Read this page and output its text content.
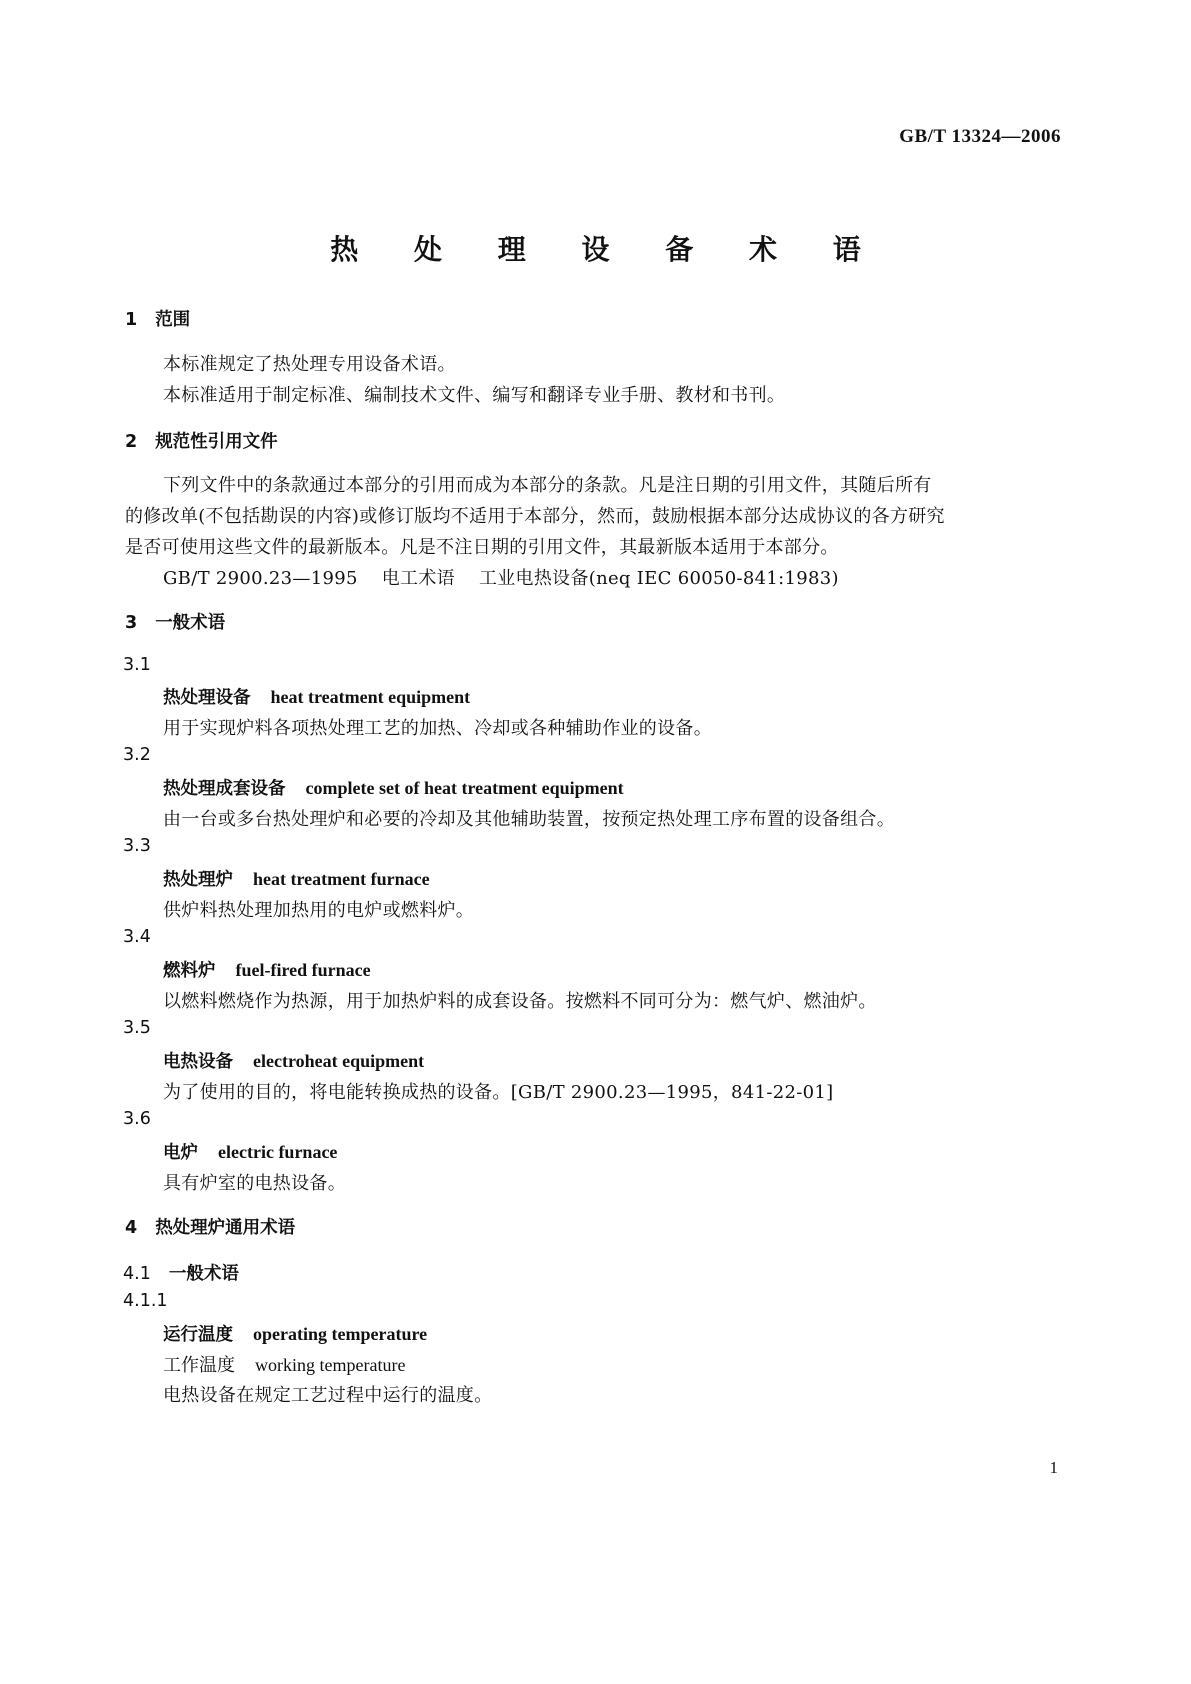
GB/T 13324—2006
热 处 理 设 备 术 语
1 范围
本标准规定了热处理专用设备术语。
本标准适用于制定标准、编制技术文件、编写和翻译专业手册、教材和书刊。
2 规范性引用文件
下列文件中的条款通过本部分的引用而成为本部分的条款。凡是注日期的引用文件，其随后所有
的修改单(不包括勘误的内容)或修订版均不适用于本部分，然而，鼓励根据本部分达成协议的各方研究
是否可使用这些文件的最新版本。凡是不注日期的引用文件，其最新版本适用于本部分。
GB/T 2900.23—1995 电工术语 工业电热设备(neq IEC 60050-841:1983)
3 一般术语
3.1
热处理设备 heat treatment equipment
用于实现炉料各项热处理工艺的加热、冷却或各种辅助作业的设备。
3.2
热处理成套设备 complete set of heat treatment equipment
由一台或多台热处理炉和必要的冷却及其他辅助装置，按预定热处理工序布置的设备组合。
3.3
热处理炉 heat treatment furnace
供炉料热处理加热用的电炉或燃料炉。
3.4
燃料炉 fuel-fired furnace
以燃料燃烧作为热源，用于加热炉料的成套设备。按燃料不同可分为：燃气炉、燃油炉。
3.5
电热设备 electroheat equipment
为了使用的目的，将电能转换成热的设备。[GB/T 2900.23—1995，841-22-01]
3.6
电炉 electric furnace
具有炉室的电热设备。
4 热处理炉通用术语
4.1 一般术语
4.1.1
运行温度 operating temperature
工作温度 working temperature
电热设备在规定工艺过程中运行的温度。
1
